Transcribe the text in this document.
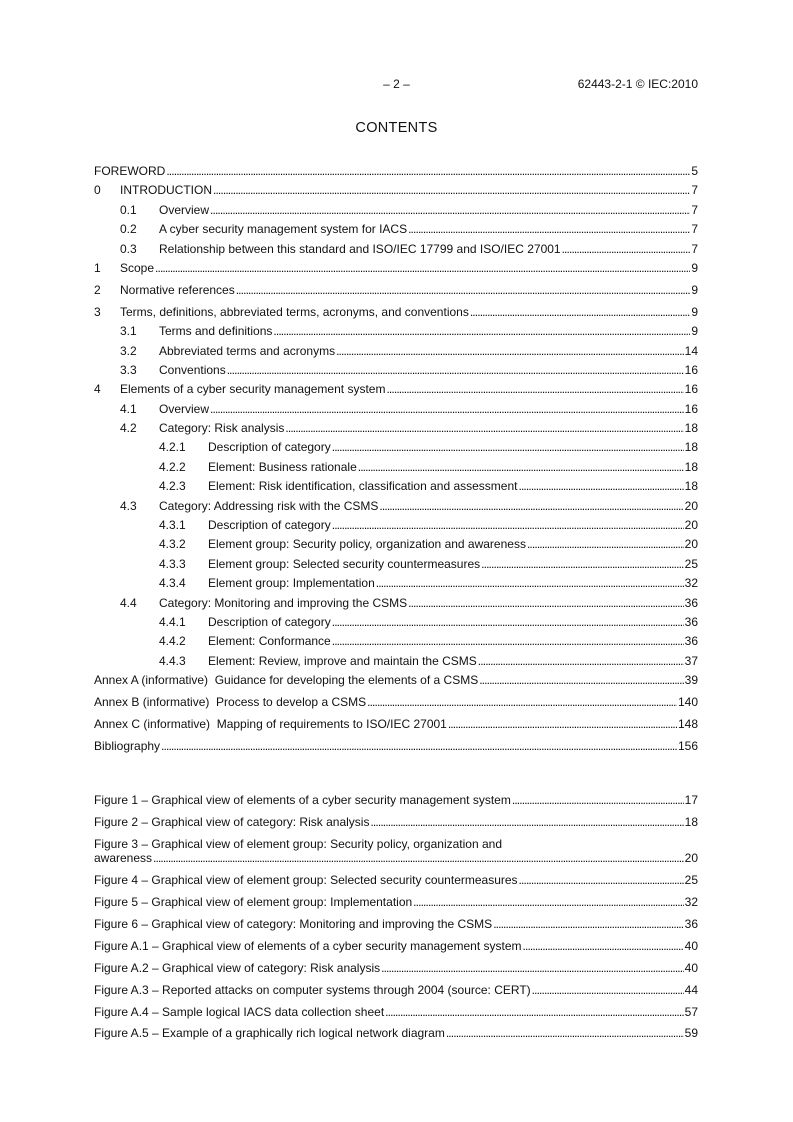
– 2 –	62443-2-1 © IEC:2010
CONTENTS
FOREWORD . . .	5
0	INTRODUCTION . . .	7
0.1	Overview . . .	7
0.2	A cyber security management system for IACS . . .	7
0.3	Relationship between this standard and ISO/IEC 17799 and ISO/IEC 27001 . . .	7
1	Scope . . .	9
2	Normative references . . .	9
3	Terms, definitions, abbreviated terms, acronyms, and conventions . . .	9
3.1	Terms and definitions . . .	9
3.2	Abbreviated terms and acronyms . . .	14
3.3	Conventions . . .	16
4	Elements of a cyber security management system . . .	16
4.1	Overview . . .	16
4.2	Category: Risk analysis . . .	18
4.2.1	Description of category . . .	18
4.2.2	Element: Business rationale . . .	18
4.2.3	Element: Risk identification, classification and assessment . . .	18
4.3	Category: Addressing risk with the CSMS . . .	20
4.3.1	Description of category . . .	20
4.3.2	Element group: Security policy, organization and awareness . . .	20
4.3.3	Element group: Selected security countermeasures . . .	25
4.3.4	Element group: Implementation . . .	32
4.4	Category: Monitoring and improving the CSMS . . .	36
4.4.1	Description of category . . .	36
4.4.2	Element: Conformance . . .	36
4.4.3	Element: Review, improve and maintain the CSMS . . .	37
Annex A (informative)  Guidance for developing the elements of a CSMS . . .	39
Annex B (informative)  Process to develop a CSMS . . .	140
Annex C (informative)  Mapping of requirements to ISO/IEC 27001 . . .	148
Bibliography . . .	156
Figure 1 – Graphical view of elements of a cyber security management system . . .	17
Figure 2 – Graphical view of category: Risk analysis . . .	18
Figure 3 – Graphical view of element group: Security policy, organization and
awareness . . .	20
Figure 4 – Graphical view of element group: Selected security countermeasures . . .	25
Figure 5 – Graphical view of element group: Implementation . . .	32
Figure 6 – Graphical view of category: Monitoring and improving the CSMS . . .	36
Figure A.1 – Graphical view of elements of a cyber security management system . . .	40
Figure A.2 – Graphical view of category: Risk analysis . . .	40
Figure A.3 – Reported attacks on computer systems through 2004 (source: CERT) . . .	44
Figure A.4 – Sample logical IACS data collection sheet . . .	57
Figure A.5 – Example of a graphically rich logical network diagram . . .	59
